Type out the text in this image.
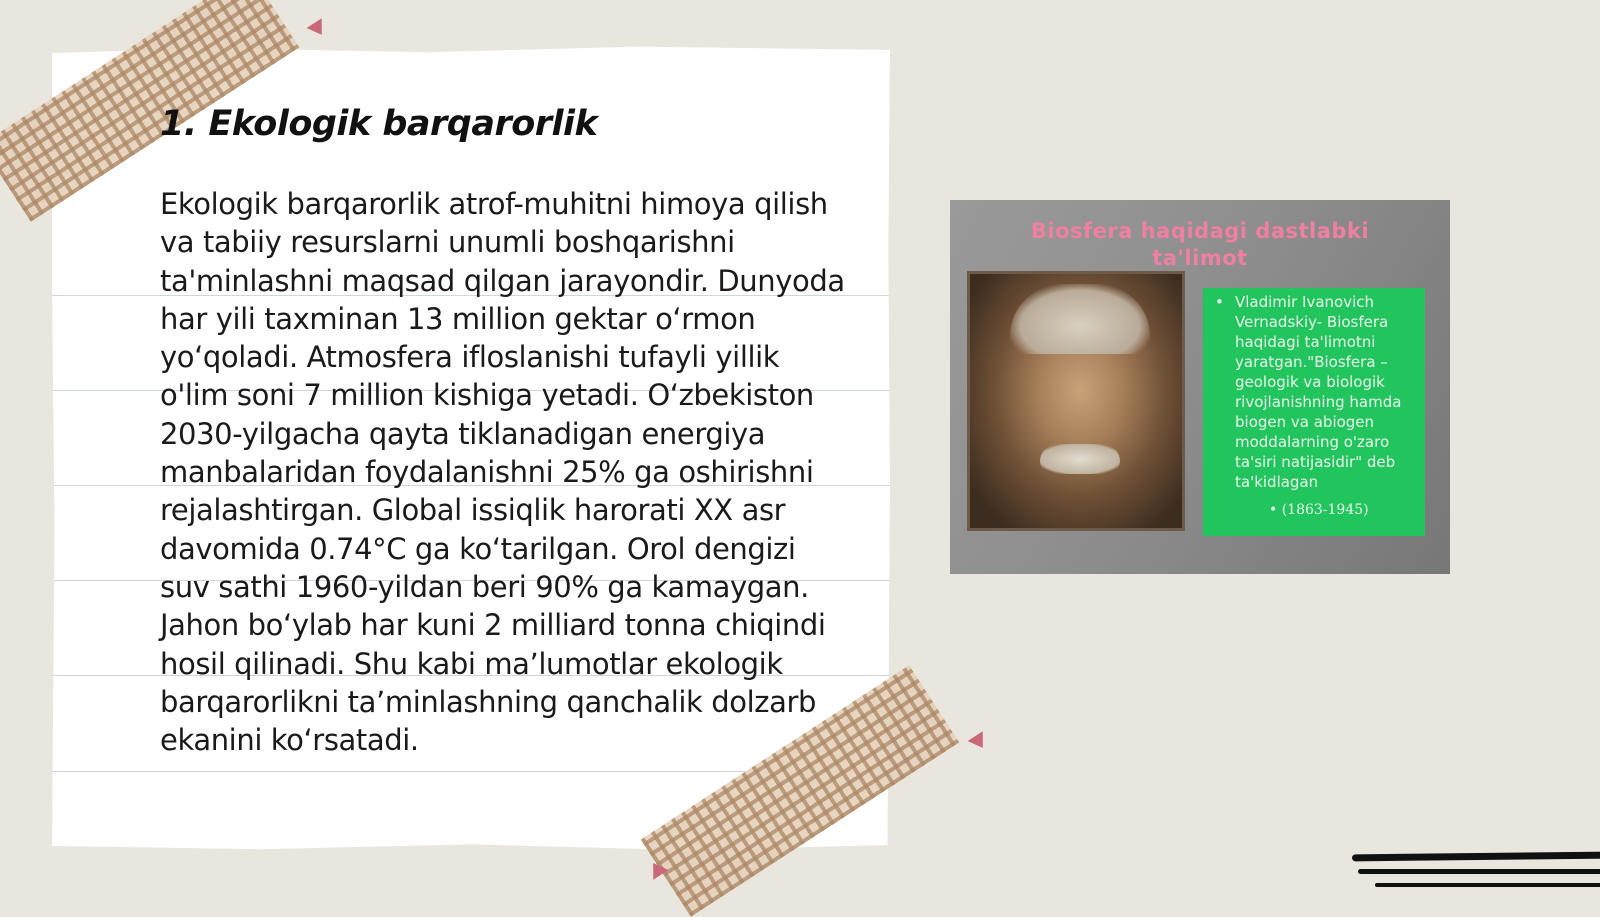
1. Ekologik barqarorlik

Ekologik barqarorlik atrof-muhitni himoya qilish va tabiiy resurslarni unumli boshqarishni ta'minlashni maqsad qilgan jarayondir. Dunyoda har yili taxminan 13 million gektar o‘rmon yo‘qoladi. Atmosfera ifloslanishi tufayli yillik o'lim soni 7 million kishiga yetadi. O‘zbekiston 2030-yilgacha qayta tiklanadigan energiya manbalaridan foydalanishni 25% ga oshirishni rejalashtirgan. Global issiqlik harorati XX asr davomida 0.74°C ga ko‘tarilgan. Orol dengizi suv sathi 1960-yildan beri 90% ga kamaygan. Jahon bo‘ylab har kuni 2 milliard tonna chiqindi hosil qilinadi. Shu kabi ma’lumotlar ekologik barqarorlikni ta’minlashning qanchalik dolzarb ekanini ko‘rsatadi.

Biosfera haqidagi dastlabki
ta'limot
• Vladimir Ivanovich Vernadskiy- Biosfera haqidagi ta'limotni yaratgan."Biosfera – geologik va biologik rivojlanishning hamda biogen va abiogen moddalarning o'zaro ta'siri natijasidir" deb ta'kidlagan
• (1863-1945)
